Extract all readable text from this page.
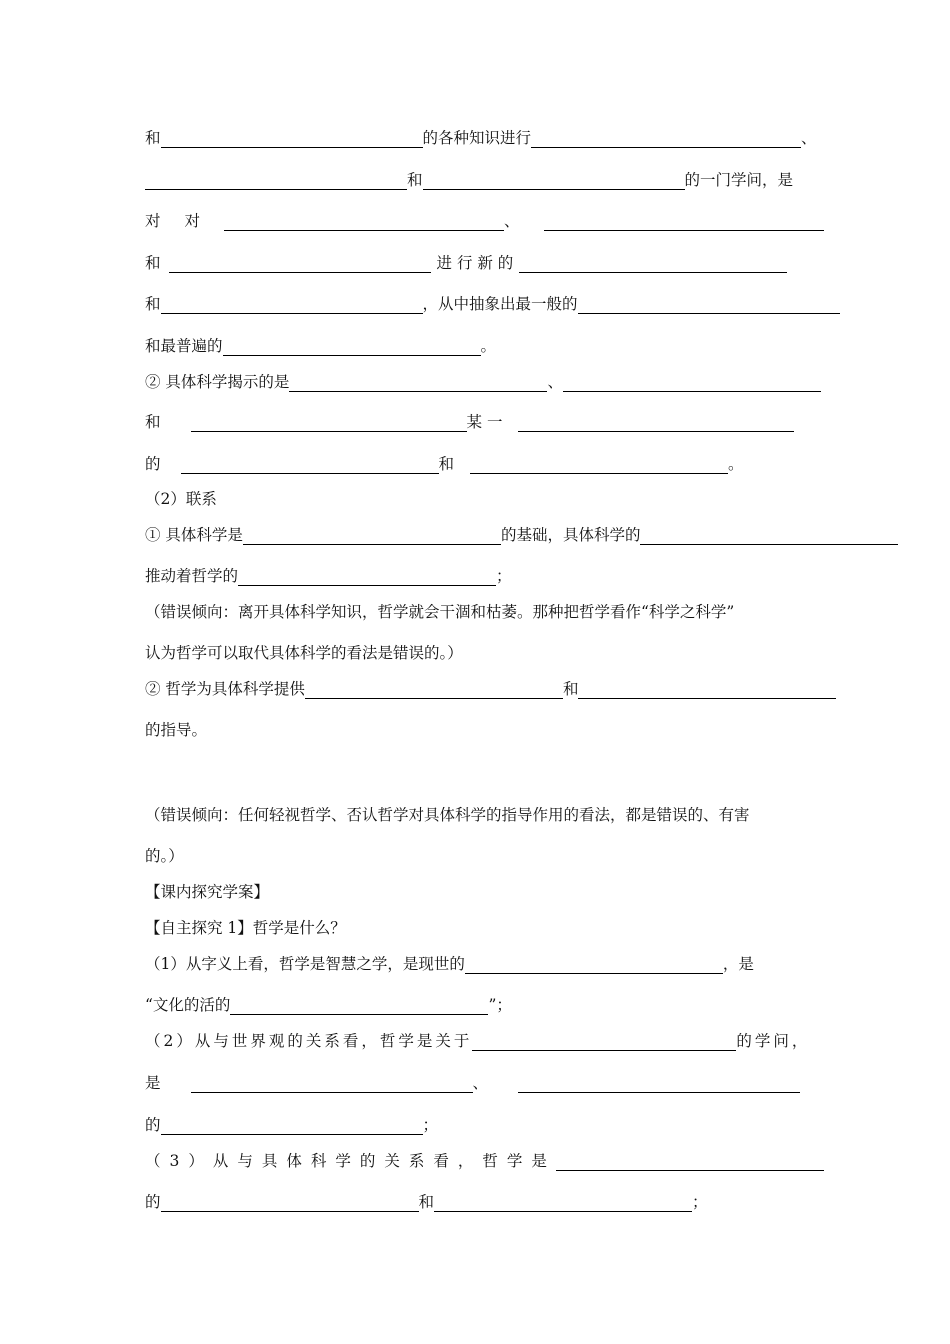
和	的各种知识进行	、
和	的一门学问，是
对 对	、
和	进 行 新 的
和	，从中抽象出最一般的
和最普遍的	。
② 具体科学揭示的是	、
和	某 一
的	和	。
（2）联系
① 具体科学是	的基础，具体科学的
推动着哲学的	；
（错误倾向：离开具体科学知识，哲学就会干涸和枯萎。那种把哲学看作“科学之科学”
认为哲学可以取代具体科学的看法是错误的。）
② 哲学为具体科学提供	和
的指导。
（错误倾向：任何轻视哲学、否认哲学对具体科学的指导作用的看法，都是错误的、有害
的。）
【课内探究学案】
【自主探究 1】哲学是什么？
（1）从字义上看，哲学是智慧之学，是现世的	，是
“文化的活的	”；
（2）从与世界观的关系看，哲学是关于	的学问，
是	、
的	；
（3）从与具体科学的关系看，哲学是
的	和	；
